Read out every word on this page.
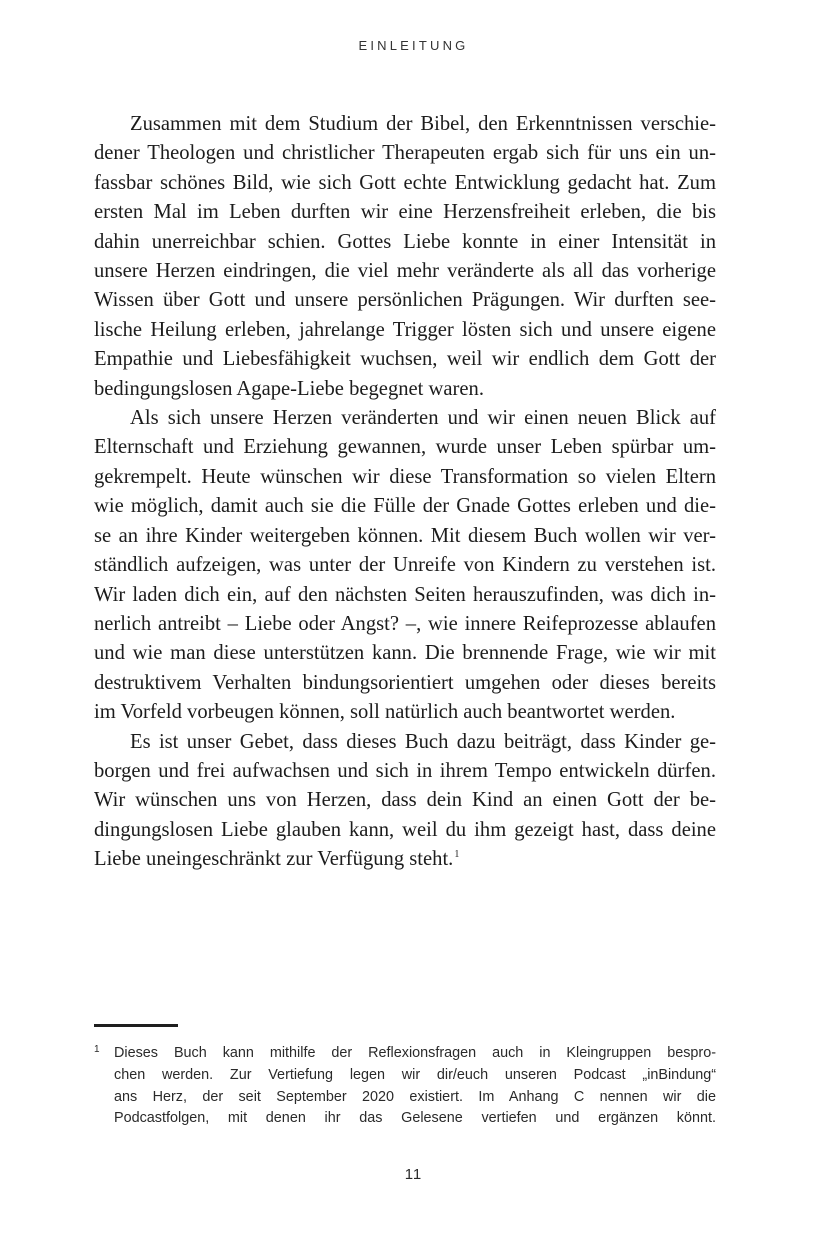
EINLEITUNG

Zusammen mit dem Studium der Bibel, den Erkenntnissen verschie-
dener Theologen und christlicher Therapeuten ergab sich für uns ein un-
fassbar schönes Bild, wie sich Gott echte Entwicklung gedacht hat. Zum
ersten Mal im Leben durften wir eine Herzensfreiheit erleben, die bis
dahin unerreichbar schien. Gottes Liebe konnte in einer Intensität in
unsere Herzen eindringen, die viel mehr veränderte als all das vorherige
Wissen über Gott und unsere persönlichen Prägungen. Wir durften see-
lische Heilung erleben, jahrelange Trigger lösten sich und unsere eigene
Empathie und Liebesfähigkeit wuchsen, weil wir endlich dem Gott der
bedingungslosen Agape-Liebe begegnet waren.

Als sich unsere Herzen veränderten und wir einen neuen Blick auf
Elternschaft und Erziehung gewannen, wurde unser Leben spürbar um-
gekrempelt. Heute wünschen wir diese Transformation so vielen Eltern
wie möglich, damit auch sie die Fülle der Gnade Gottes erleben und die-
se an ihre Kinder weitergeben können. Mit diesem Buch wollen wir ver-
ständlich aufzeigen, was unter der Unreife von Kindern zu verstehen ist.
Wir laden dich ein, auf den nächsten Seiten herauszufinden, was dich in-
nerlich antreibt – Liebe oder Angst? –, wie innere Reifeprozesse ablaufen
und wie man diese unterstützen kann. Die brennende Frage, wie wir mit
destruktivem Verhalten bindungsorientiert umgehen oder dieses bereits
im Vorfeld vorbeugen können, soll natürlich auch beantwortet werden.

Es ist unser Gebet, dass dieses Buch dazu beiträgt, dass Kinder ge-
borgen und frei aufwachsen und sich in ihrem Tempo entwickeln dürfen.
Wir wünschen uns von Herzen, dass dein Kind an einen Gott der be-
dingungslosen Liebe glauben kann, weil du ihm gezeigt hast, dass deine
Liebe uneingeschränkt zur Verfügung steht.$^1$

1 Dieses Buch kann mithilfe der Reflexionsfragen auch in Kleingruppen bespro-
chen werden. Zur Vertiefung legen wir dir/euch unseren Podcast „inBindung“
ans Herz, der seit September 2020 existiert. Im Anhang C nennen wir die
Podcastfolgen, mit denen ihr das Gelesene vertiefen und ergänzen könnt.
11
